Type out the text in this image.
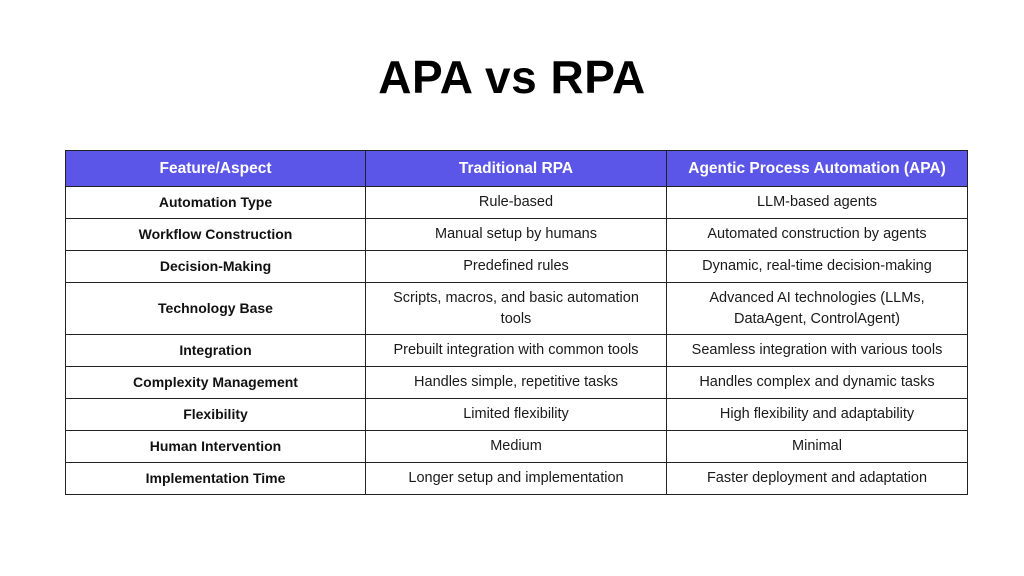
APA vs RPA
Feature/Aspect	Traditional RPA	Agentic Process Automation (APA)
Automation Type	Rule-based	LLM-based agents
Workflow Construction	Manual setup by humans	Automated construction by agents
Decision-Making	Predefined rules	Dynamic, real-time decision-making
Technology Base	Scripts, macros, and basic automation tools	Advanced AI technologies (LLMs, DataAgent, ControlAgent)
Integration	Prebuilt integration with common tools	Seamless integration with various tools
Complexity Management	Handles simple, repetitive tasks	Handles complex and dynamic tasks
Flexibility	Limited flexibility	High flexibility and adaptability
Human Intervention	Medium	Minimal
Implementation Time	Longer setup and implementation	Faster deployment and adaptation
